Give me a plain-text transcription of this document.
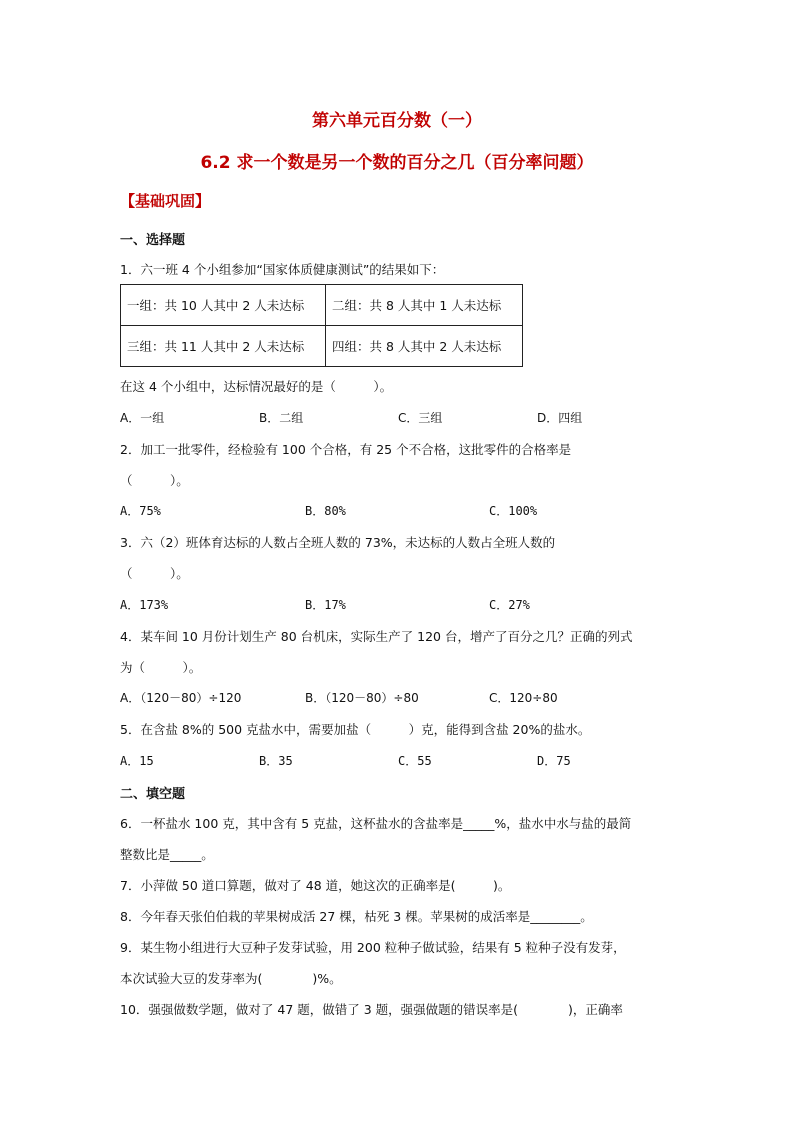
第六单元百分数（一）
6.2 求一个数是另一个数的百分之几（百分率问题）
【基础巩固】
一、选择题
1．六一班 4 个小组参加“国家体质健康测试”的结果如下：
一组：共 10 人其中 2 人未达标	二组：共 8 人其中 1 人未达标
三组：共 11 人其中 2 人未达标	四组：共 8 人其中 2 人未达标
在这 4 个小组中，达标情况最好的是（　　　）。
A．一组	B．二组	C．三组	D．四组
2．加工一批零件，经检验有 100 个合格，有 25 个不合格，这批零件的合格率是
（　　　）。
A．75%	B．80%	C．100%
3．六（2）班体育达标的人数占全班人数的 73%，未达标的人数占全班人数的
（　　　）。
A．173%	B．17%	C．27%
4．某车间 10 月份计划生产 80 台机床，实际生产了 120 台，增产了百分之几？正确的列式
为（　　　）。
A．（120－80）÷120	B．（120－80）÷80	C．120÷80
5．在含盐 8%的 500 克盐水中，需要加盐（　　　）克，能得到含盐 20%的盐水。
A．15	B．35	C．55	D．75
二、填空题
6．一杯盐水 100 克，其中含有 5 克盐，这杯盐水的含盐率是_____%，盐水中水与盐的最简
整数比是_____。
7．小萍做 50 道口算题，做对了 48 道，她这次的正确率是(　　　)。
8．今年春天张伯伯栽的苹果树成活 27 棵，枯死 3 棵。苹果树的成活率是________。
9．某生物小组进行大豆种子发芽试验，用 200 粒种子做试验，结果有 5 粒种子没有发芽，
本次试验大豆的发芽率为(　　　　)%。
10．强强做数学题，做对了 47 题，做错了 3 题，强强做题的错误率是(　　　　)，正确率
